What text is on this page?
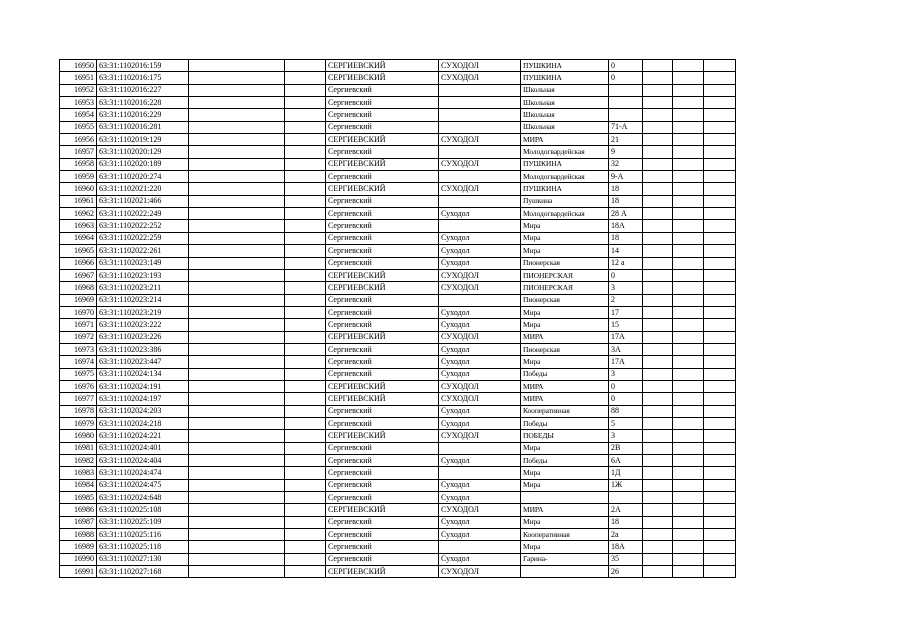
16950	63:31:1102016:159			СЕРГИЕВСКИЙ	СУХОДОЛ	ПУШКИНА	0			
16951	63:31:1102016:175			СЕРГИЕВСКИЙ	СУХОДОЛ	ПУШКИНА	0			
16952	63:31:1102016:227			Сергиевский		Школьная				
16953	63:31:1102016:228			Сергиевский		Школьная				
16954	63:31:1102016:229			Сергиевский		Школьная				
16955	63:31:1102016:281			Сергиевский		Школьная	71-А			
16956	63:31:1102019:129			СЕРГИЕВСКИЙ	СУХОДОЛ	МИРА	21			
16957	63:31:1102020:129			Сергиевский		Молодогвардейская	9			
16958	63:31:1102020:189			СЕРГИЕВСКИЙ	СУХОДОЛ	ПУШКИНА	32			
16959	63:31:1102020:274			Сергиевский		Молодогвардейская	9-А			
16960	63:31:1102021:220			СЕРГИЕВСКИЙ	СУХОДОЛ	ПУШКИНА	18			
16961	63:31:1102021:466			Сергиевский		Пушкина	18			
16962	63:31:1102022:249			Сергиевский	Суходол	Молодогвардейская	28 А			
16963	63:31:1102022:252			Сергиевский		Мира	18А			
16964	63:31:1102022:259			Сергиевский	Суходол	Мира	18			
16965	63:31:1102022:261			Сергиевский	Суходол	Мира	14			
16966	63:31:1102023:149			Сергиевский	Суходол	Пионерская	12 а			
16967	63:31:1102023:193			СЕРГИЕВСКИЙ	СУХОДОЛ	ПИОНЕРСКАЯ	0			
16968	63:31:1102023:211			СЕРГИЕВСКИЙ	СУХОДОЛ	ПИОНЕРСКАЯ	3			
16969	63:31:1102023:214			Сергиевский		Пионерская	2			
16970	63:31:1102023:219			Сергиевский	Суходол	Мира	17			
16971	63:31:1102023:222			Сергиевский	Суходол	Мира	15			
16972	63:31:1102023:226			СЕРГИЕВСКИЙ	СУХОДОЛ	МИРА	17А			
16973	63:31:1102023:386			Сергиевский	Суходол	Пионерская	3А			
16974	63:31:1102023:447			Сергиевский	Суходол	Мира	17А			
16975	63:31:1102024:134			Сергиевский	Суходол	Победы	3			
16976	63:31:1102024:191			СЕРГИЕВСКИЙ	СУХОДОЛ	МИРА	0			
16977	63:31:1102024:197			СЕРГИЕВСКИЙ	СУХОДОЛ	МИРА	0			
16978	63:31:1102024:203			Сергиевский	Суходол	Кооперативная	88			
16979	63:31:1102024:218			Сергиевский	Суходол	Победы	5			
16980	63:31:1102024:221			СЕРГИЕВСКИЙ	СУХОДОЛ	ПОБЕДЫ	3			
16981	63:31:1102024:401			Сергиевский		Мира	2В			
16982	63:31:1102024:404			Сергиевский	Суходол	Победы	6А			
16983	63:31:1102024:474			Сергиевский		Мира	1Д			
16984	63:31:1102024:475			Сергиевский	Суходол	Мира	1Ж			
16985	63:31:1102024:648			Сергиевский	Суходол					
16986	63:31:1102025:108			СЕРГИЕВСКИЙ	СУХОДОЛ	МИРА	2А			
16987	63:31:1102025:109			Сергиевский	Суходол	Мира	18			
16988	63:31:1102025:116			Сергиевский	Суходол	Кооперативная	2а			
16989	63:31:1102025:118			Сергиевский		Мира	18А			
16990	63:31:1102027:130			Сергиевский	Суходол	Гарина-	35			
16991	63:31:1102027:168			СЕРГИЕВСКИЙ	СУХОДОЛ		26			
